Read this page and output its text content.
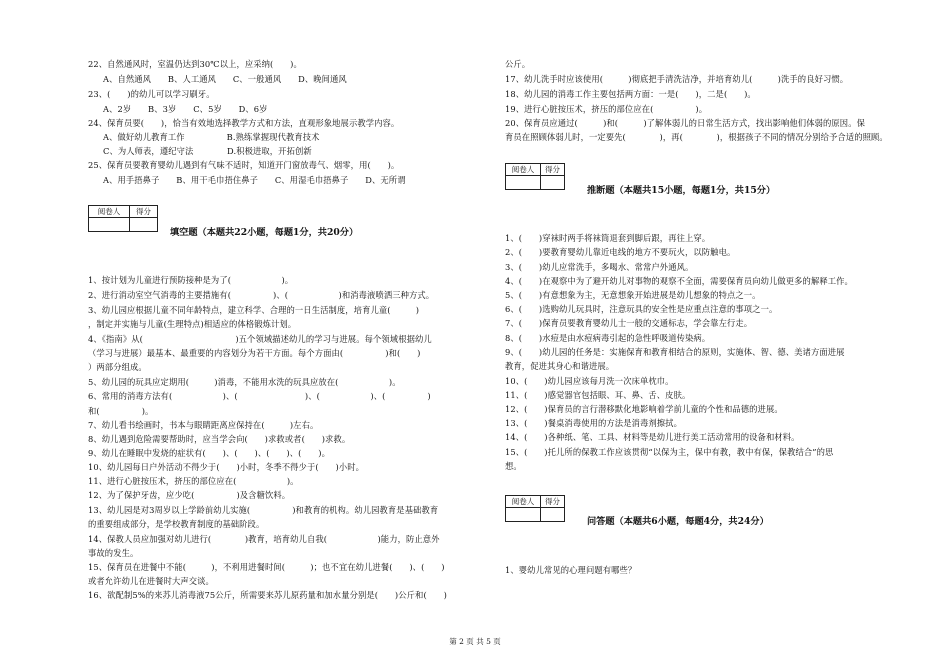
22、自然通风时，室温仍达到30℃以上，应采纳(　　)。
A、自然通风　　B、人工通风　　C、一般通风　　D、晚间通风
23、(　　)的幼儿可以学习刷牙。
A、2岁　　B、3岁　　C、5岁　　D、6岁
24、保育员要(　　)，恰当有效地选择教学方式和方法，直观形象地展示教学内容。
A、做好幼儿教育工作　　　　　B.熟练掌握现代教育技术
C、为人师表，遵纪守法　　　　D.积极进取，开拓创新
25、保育员要教育婴幼儿遇到有气味不适时，知道开门窗放毒气、烟零，用(　　)。
A、用手捂鼻子　　B、用干毛巾捂住鼻子　　C、用湿毛巾捂鼻子　　D、无所谓
阅卷人	得分

填空题（本题共22小题，每题1分，共20分）
1、按计划为儿童进行预防接种是为了(　　　　　　)。
2、进行消动室空气消毒的主要措施有(　　　　　)、(　　　　　　)和消毒液喷洒三种方式。
3、幼儿园应根据儿童不同年龄特点，建立科学、合理的一日生活制度，培育儿童(　　　)
，制定并实施与儿童(生理特点)相适应的体格锻炼计划。
4、《指南》从(　　　　　　　　　　　)五个领域描述幼儿的学习与进展。每个领域根据幼儿
（学习与进展）最基本、最重要的内容划分为若干方面。每个方面由(　　　　　)和(　　)
）两部分组成。
5、幼儿园的玩具应定期用(　　　)消毒，不能用水洗的玩具应放在(　　　　　　)。
6、常用的消毒方法有(　　　　　　)、(　　　　　　　　)、(　　　　　　)、(　　　　　)
和(　　　　　)。
7、幼儿看书绘画时，书本与眼睛距离应保持在(　　　)左右。
8、幼儿遇到危险需要帮助时，应当学会向(　　)求救或者(　　)求救。
9、幼儿在睡眠中发烧的症状有(　　)、(　　)、(　　)、(　　)。
10、幼儿园每日户外活动不得少于(　　)小时，冬季不得少于(　　)小时。
11、进行心脏按压术，挤压的部位应在(　　　　　　)。
12、为了保护牙齿，应少吃(　　　　　)及含糖饮料。
13、幼儿园是对3周岁以上学龄前幼儿实施(　　　　　)和教育的机构。幼儿园教育是基础教育
的重要组成部分，是学校教育制度的基础阶段。
14、保教人员应加强对幼儿进行(　　　　)教育，培育幼儿自我(　　　　　　)能力，防止意外
事故的发生。
15、保育员在进餐中不能(　　　)，不利用进餐时间(　　　)；也不宜在幼儿进餐(　　)、(　　)
或者允许幼儿在进餐时大声交谈。
16、欲配制5%的来苏儿消毒液75公斤，所需要来苏儿原药量和加水量分别是(　　)公斤和(　　)
公斤。
17、幼儿洗手时应该使用(　　　)彻底把手清洗洁净，并培育幼儿(　　　)洗手的良好习惯。
18、幼儿园的消毒工作主要包括两方面：一是(　　)，二是(　　)。
19、进行心脏按压术，挤压的部位应在(　　　　　)。
20、保育员应通过(　　　)和(　　　)了解体弱儿的日常生活方式，找出影响他们体弱的原因。保
育员在照顾体弱儿时，一定要先(　　　　)，再(　　　　)，根据孩子不同的情况分别给予合适的照顾。
阅卷人	得分

推断题（本题共15小题，每题1分，共15分）
1、(　　)穿袜时两手将袜筒退套到脚后跟，再往上穿。
2、(　　)要教育婴幼儿靠近电线的地方不要玩火，以防触电。
3、(　　)幼儿应常洗手，多喝水、常常户外通风。
4、(　　)在观察中为了避开幼儿对事物的观察不全面，需要保育员向幼儿做更多的解释工作。
5、(　　)有意想象为主，无意想象开始进展是幼儿想象的特点之一。
6、(　　)选购幼儿玩具时，注意玩具的安全性是应重点注意的事项之一。
7、(　　)保育员要教育婴幼儿士一般的交通标志，学会靠左行走。
8、(　　)水痘是由水痘病毒引起的急性呼吸道传染病。
9、(　　)幼儿园的任务是：实施保育和教育相结合的原则，实施体、智、德、美诸方面进展
教育，促进其身心和谐进展。
10、(　　)幼儿园应该每月洗一次床单枕巾。
11、(　　)感觉器官包括眼、耳、鼻、舌、皮肤。
12、(　　)保育员的言行潜移默化地影响着学前儿童的个性和品德的进展。
13、(　　)餐桌消毒使用的方法是消毒剂擦拭。
14、(　　)各种纸、笔、工具、材料等是幼儿进行美工活动常用的设备和材料。
15、(　　)托儿所的保教工作应该贯彻“以保为主，保中有教，教中有保，保教结合”的思
想。
阅卷人	得分

问答题（本题共6小题，每题4分，共24分）
1、婴幼儿常见的心理问题有哪些？
第 2 页 共 5 页
